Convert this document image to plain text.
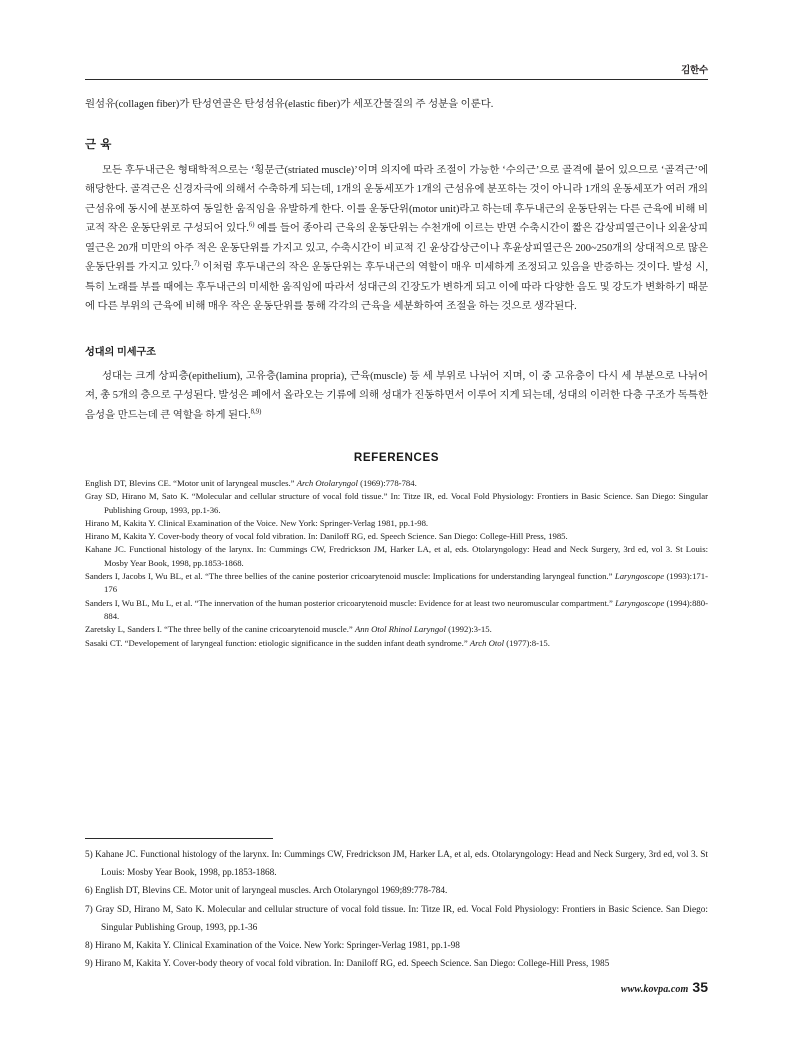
김한수

원섬유(collagen fiber)가 탄성연골은 탄성섬유(elastic fiber)가 세포간물질의 주 성분을 이룬다.

근 육

모든 후두내근은 형태학적으로는 ‘횡문근(striated muscle)’이며 의지에 따라 조절이 가능한 ‘수의근’으로 골격에 붙어 있으므로 ‘골격근’에 해당한다. 골격근은 신경자극에 의해서 수축하게 되는데, 1개의 운동세포가 1개의 근섬유에 분포하는 것이 아니라 1개의 운동세포가 여러 개의 근섬유에 동시에 분포하여 동일한 움직임을 유발하게 한다. 이를 운동단위(motor unit)라고 하는데 후두내근의 운동단위는 다른 근육에 비해 비교적 작은 운동단위로 구성되어 있다.$^{6)}$ 예를 들어 종아리 근육의 운동단위는 수천개에 이르는 반면 수축시간이 짧은 갑상피열근이나 외윤상피열근은 20개 미만의 아주 적은 운동단위를 가지고 있고, 수축시간이 비교적 긴 윤상갑상근이나 후윤상피열근은 200~250개의 상대적으로 많은 운동단위를 가지고 있다.$^{7)}$ 이처럼 후두내근의 작은 운동단위는 후두내근의 역할이 매우 미세하게 조정되고 있음을 반증하는 것이다. 발성 시, 특히 노래를 부를 때에는 후두내근의 미세한 움직임에 따라서 성대근의 긴장도가 변하게 되고 이에 따라 다양한 음도 및 강도가 변화하기 때문에 다른 부위의 근육에 비해 매우 작은 운동단위를 통해 각각의 근육을 세분화하여 조절을 하는 것으로 생각된다.

성대의 미세구조

성대는 크게 상피층(epithelium), 고유층(lamina propria), 근육(muscle) 등 세 부위로 나뉘어 지며, 이 중 고유층이 다시 세 부분으로 나뉘어져, 총 5개의 층으로 구성된다. 발성은 폐에서 올라오는 기류에 의해 성대가 진동하면서 이루어 지게 되는데, 성대의 이러한 다층 구조가 독특한 음성을 만드는데 큰 역할을 하게 된다.$^{8,9)}$

REFERENCES
English DT, Blevins CE. “Motor unit of laryngeal muscles.” Arch Otolaryngol (1969):778-784.
Gray SD, Hirano M, Sato K. “Molecular and cellular structure of vocal fold tissue.” In: Titze IR, ed. Vocal Fold Physiology: Frontiers in Basic Science. San Diego: Singular Publishing Group, 1993, pp.1-36.
Hirano M, Kakita Y. Clinical Examination of the Voice. New York: Springer-Verlag 1981, pp.1-98.
Hirano M, Kakita Y. Cover-body theory of vocal fold vibration. In: Daniloff RG, ed. Speech Science. San Diego: College-Hill Press, 1985.
Kahane JC. Functional histology of the larynx. In: Cummings CW, Fredrickson JM, Harker LA, et al, eds. Otolaryngology: Head and Neck Surgery, 3rd ed, vol 3. St Louis: Mosby Year Book, 1998, pp.1853-1868.
Sanders I, Jacobs I, Wu BL, et al. “The three bellies of the canine posterior cricoarytenoid muscle: Implications for understanding laryngeal function.” Laryngoscope (1993):171-176
Sanders I, Wu BL, Mu L, et al. “The innervation of the human posterior cricoarytenoid muscle: Evidence for at least two neuromuscular compartment.” Laryngoscope (1994):880-884.
Zaretsky L, Sanders I. “The three belly of the canine cricoarytenoid muscle.” Ann Otol Rhinol Laryngol (1992):3-15.
Sasaki CT. “Developement of laryngeal function: etiologic significance in the sudden infant death syndrome.” Arch Otol (1977):8-15.
5) Kahane JC. Functional histology of the larynx. In: Cummings CW, Fredrickson JM, Harker LA, et al, eds. Otolaryngology: Head and Neck Surgery, 3rd ed, vol 3. St Louis: Mosby Year Book, 1998, pp.1853-1868.
6) English DT, Blevins CE. Motor unit of laryngeal muscles. Arch Otolaryngol 1969;89:778-784.
7) Gray SD, Hirano M, Sato K. Molecular and cellular structure of vocal fold tissue. In: Titze IR, ed. Vocal Fold Physiology: Frontiers in Basic Science. San Diego: Singular Publishing Group, 1993, pp.1-36
8) Hirano M, Kakita Y. Clinical Examination of the Voice. New York: Springer-Verlag 1981, pp.1-98
9) Hirano M, Kakita Y. Cover-body theory of vocal fold vibration. In: Daniloff RG, ed. Speech Science. San Diego: College-Hill Press, 1985
www.kovpa.com 35
